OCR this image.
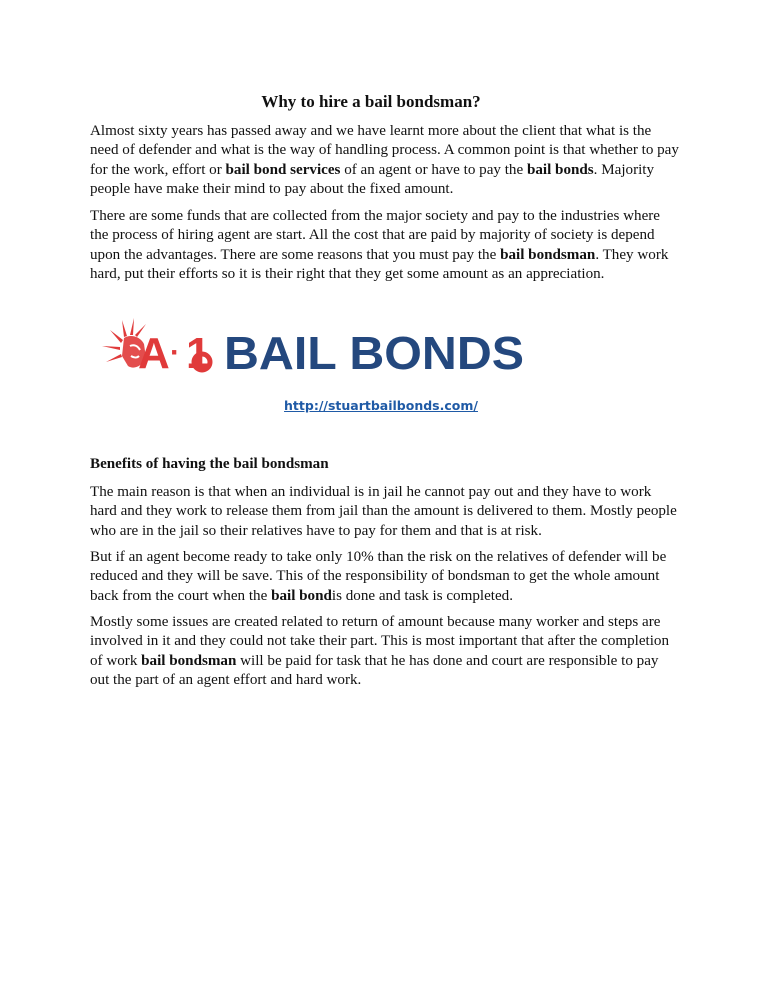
Why to hire a bail bondsman?

Almost sixty years has passed away and we have learnt more about the client that what is the need of defender and what is the way of handling process. A common point is that whether to pay for the work, effort or bail bond services of an agent or have to pay the bail bonds. Majority people have make their mind to pay about the fixed amount.

There are some funds that are collected from the major society and pay to the industries where the process of hiring agent are start. All the cost that are paid by majority of society is depend upon the advantages. There are some reasons that you must pay the bail bondsman. They work hard, put their efforts so it is their right that they get some amount as an appreciation.

A · 1 BAIL BONDS
http://stuartbailbonds.com/
Benefits of having the bail bondsman

The main reason is that when an individual is in jail he cannot pay out and they have to work hard and they work to release them from jail than the amount is delivered to them. Mostly people who are in the jail so their relatives have to pay for them and that is at risk.

But if an agent become ready to take only 10% than the risk on the relatives of defender will be reduced and they will be save. This of the responsibility of bondsman to get the whole amount back from the court when the bail bondis done and task is completed.

Mostly some issues are created related to return of amount because many worker and steps are involved in it and they could not take their part. This is most important that after the completion of work bail bondsman will be paid for task that he has done and court are responsible to pay out the part of an agent effort and hard work.
